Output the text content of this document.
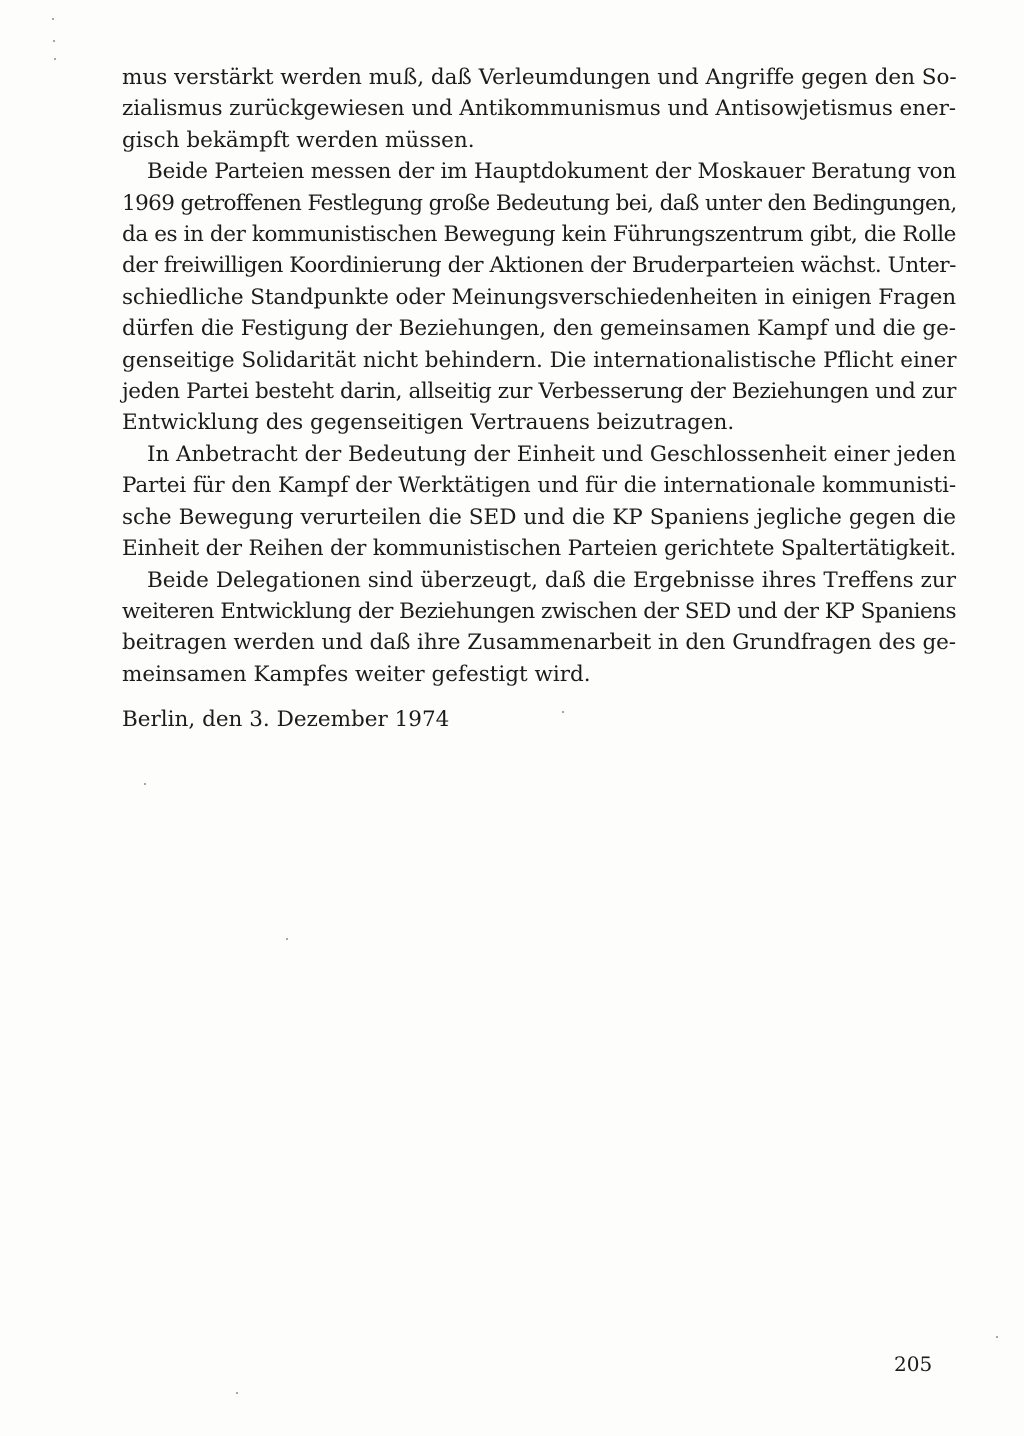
mus verstärkt werden muß, daß Verleumdungen und Angriffe gegen den So-
zialismus zurückgewiesen und Antikommunismus und Antisowjetismus ener-
gisch bekämpft werden müssen.
Beide Parteien messen der im Hauptdokument der Moskauer Beratung von
1969 getroffenen Festlegung große Bedeutung bei, daß unter den Bedingungen,
da es in der kommunistischen Bewegung kein Führungszentrum gibt, die Rolle
der freiwilligen Koordinierung der Aktionen der Bruderparteien wächst. Unter-
schiedliche Standpunkte oder Meinungsverschiedenheiten in einigen Fragen
dürfen die Festigung der Beziehungen, den gemeinsamen Kampf und die ge-
genseitige Solidarität nicht behindern. Die internationalistische Pflicht einer
jeden Partei besteht darin, allseitig zur Verbesserung der Beziehungen und zur
Entwicklung des gegenseitigen Vertrauens beizutragen.
In Anbetracht der Bedeutung der Einheit und Geschlossenheit einer jeden
Partei für den Kampf der Werktätigen und für die internationale kommunisti-
sche Bewegung verurteilen die SED und die KP Spaniens jegliche gegen die
Einheit der Reihen der kommunistischen Parteien gerichtete Spaltertätigkeit.
Beide Delegationen sind überzeugt, daß die Ergebnisse ihres Treffens zur
weiteren Entwicklung der Beziehungen zwischen der SED und der KP Spaniens
beitragen werden und daß ihre Zusammenarbeit in den Grundfragen des ge-
meinsamen Kampfes weiter gefestigt wird.
Berlin, den 3. Dezember 1974
205
